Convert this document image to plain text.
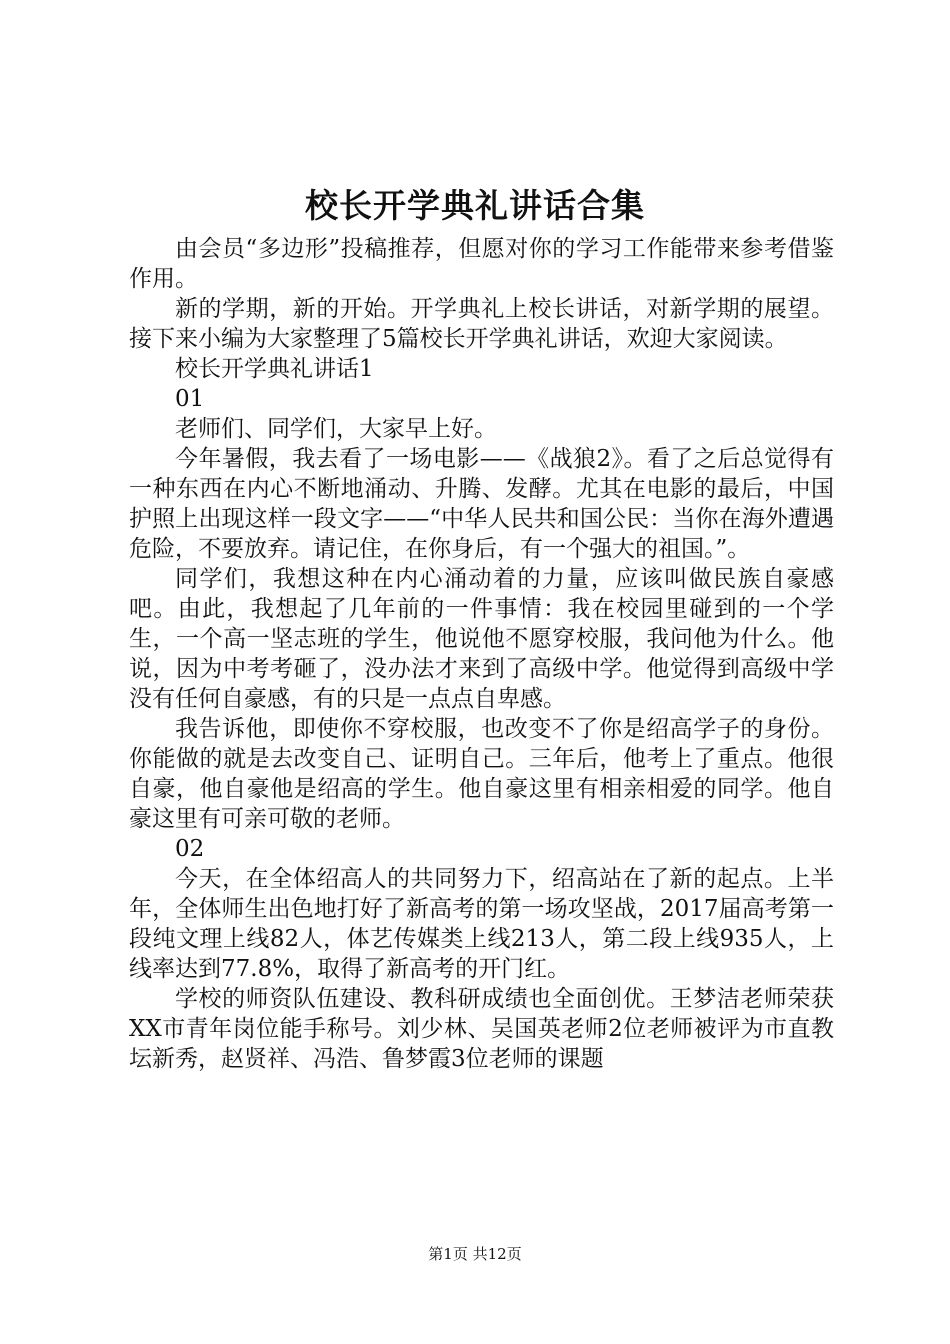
校长开学典礼讲话合集

由会员“多边形”投稿推荐，但愿对你的学习工作能带来参考借鉴作用。

新的学期，新的开始。开学典礼上校长讲话，对新学期的展望。接下来小编为大家整理了5篇校长开学典礼讲话，欢迎大家阅读。

校长开学典礼讲话1

01

老师们、同学们，大家早上好。

今年暑假，我去看了一场电影——《战狼2》。看了之后总觉得有一种东西在内心不断地涌动、升腾、发酵。尤其在电影的最后，中国护照上出现这样一段文字——“中华人民共和国公民：当你在海外遭遇危险，不要放弃。请记住，在你身后，有一个强大的祖国。”。

同学们，我想这种在内心涌动着的力量，应该叫做民族自豪感吧。由此，我想起了几年前的一件事情：我在校园里碰到的一个学生，一个高一坚志班的学生，他说他不愿穿校服，我问他为什么。他说，因为中考考砸了，没办法才来到了高级中学。他觉得到高级中学没有任何自豪感，有的只是一点点自卑感。

我告诉他，即使你不穿校服，也改变不了你是绍高学子的身份。你能做的就是去改变自己、证明自己。三年后，他考上了重点。他很自豪，他自豪他是绍高的学生。他自豪这里有相亲相爱的同学。他自豪这里有可亲可敬的老师。

02

今天，在全体绍高人的共同努力下，绍高站在了新的起点。上半年，全体师生出色地打好了新高考的第一场攻坚战，2017届高考第一段纯文理上线82人，体艺传媒类上线213人，第二段上线935人，上线率达到77.8%，取得了新高考的开门红。

学校的师资队伍建设、教科研成绩也全面创优。王梦洁老师荣获XX市青年岗位能手称号。刘少林、吴国英老师2位老师被评为市直教坛新秀，赵贤祥、冯浩、鲁梦霞3位老师的课题

第1页 共12页
